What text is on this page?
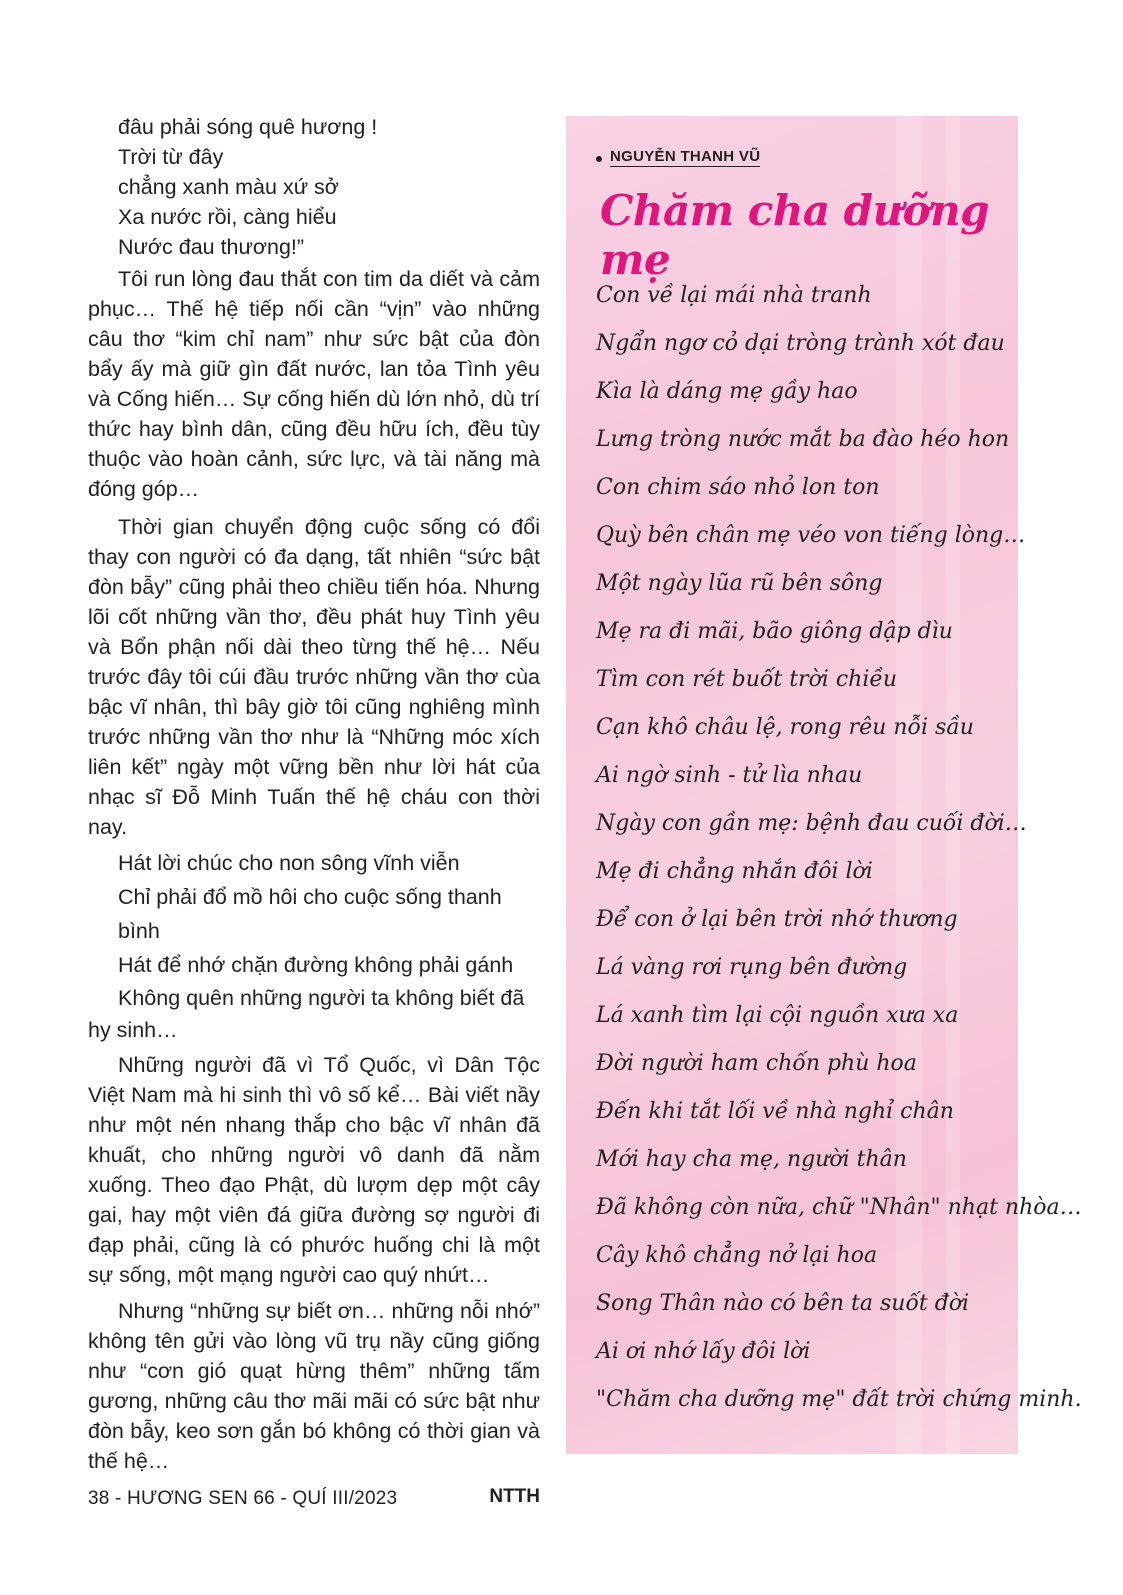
đâu phải sóng quê hương !
Trời từ đây
chẳng xanh màu xứ sở
Xa nước rồi, càng hiểu
Nước đau thương!”

Tôi run lòng đau thắt con tim da diết và cảm phục… Thế hệ tiếp nối cần “vịn” vào những câu thơ “kim chỉ nam” như sức bật của đòn bẩy ấy mà giữ gìn đất nước, lan tỏa Tình yêu và Cống hiến… Sự cống hiến dù lớn nhỏ, dù trí thức hay bình dân, cũng đều hữu ích, đều tùy thuộc vào hoàn cảnh, sức lực, và tài năng mà đóng góp…

Thời gian chuyển động cuộc sống có đổi thay con người có đa dạng, tất nhiên “sức bật đòn bẫy” cũng phải theo chiều tiến hóa. Nhưng lõi cốt những vần thơ, đều phát huy Tình yêu và Bổn phận nối dài theo từng thế hệ… Nếu trước đây tôi cúi đầu trước những vần thơ cùa bậc vĩ nhân, thì bây giờ tôi cũng nghiêng mình trước những vần thơ như là “Những móc xích liên kết” ngày một vững bền như lời hát của nhạc sĩ Đỗ Minh Tuấn thế hệ cháu con thời nay.

Hát lời chúc cho non sông vĩnh viễn
Chỉ phải đổ mồ hôi cho cuộc sống thanh bình
Hát để nhớ chặn đường không phải gánh
Không quên những người ta không biết đã hy sinh…

Những người đã vì Tổ Quốc, vì Dân Tộc Việt Nam mà hi sinh thì vô số kể… Bài viết nầy như một nén nhang thắp cho bậc vĩ nhân đã khuất, cho những người vô danh đã nằm xuống. Theo đạo Phật, dù lượm dẹp một cây gai, hay một viên đá giữa đường sợ người đi đạp phải, cũng là có phước huống chi là một sự sống, một mạng người cao quý nhứt…

Nhưng “những sự biết ơn… những nỗi nhớ” không tên gửi vào lòng vũ trụ nầy cũng giống như “cơn gió quạt hừng thêm” những tấm gương, những câu thơ mãi mãi có sức bật như đòn bẫy, keo sơn gắn bó không có thời gian và thế hệ…

NTTH
NGUYỄN THANH VŨ
Chăm cha dưỡng mẹ
Con về lại mái nhà tranh
Ngẩn ngơ cỏ dại tròng trành xót đau
Kìa là dáng mẹ gầy hao
Lưng tròng nước mắt ba đào héo hon
Con chim sáo nhỏ lon ton
Quỳ bên chân mẹ véo von tiếng lòng…
Một ngày lũa rũ bên sông
Mẹ ra đi mãi, bão giông dập dìu
Tìm con rét buốt trời chiều
Cạn khô châu lệ, rong rêu nỗi sầu
Ai ngờ sinh - tử lìa nhau
Ngày con gần mẹ: bệnh đau cuối đời…
Mẹ đi chẳng nhắn đôi lời
Để con ở lại bên trời nhớ thương
Lá vàng rơi rụng bên đường
Lá xanh tìm lại cội nguồn xưa xa
Đời người ham chốn phù hoa
Đến khi tắt lối về nhà nghỉ chân
Mới hay cha mẹ, người thân
Đã không còn nữa, chữ "Nhân" nhạt nhòa…
Cây khô chẳng nở lại hoa
Song Thân nào có bên ta suốt đời
Ai ơi nhớ lấy đôi lời
"Chăm cha dưỡng mẹ" đất trời chứng minh.
38 - HƯƠNG SEN 66 - QUÍ III/2023
